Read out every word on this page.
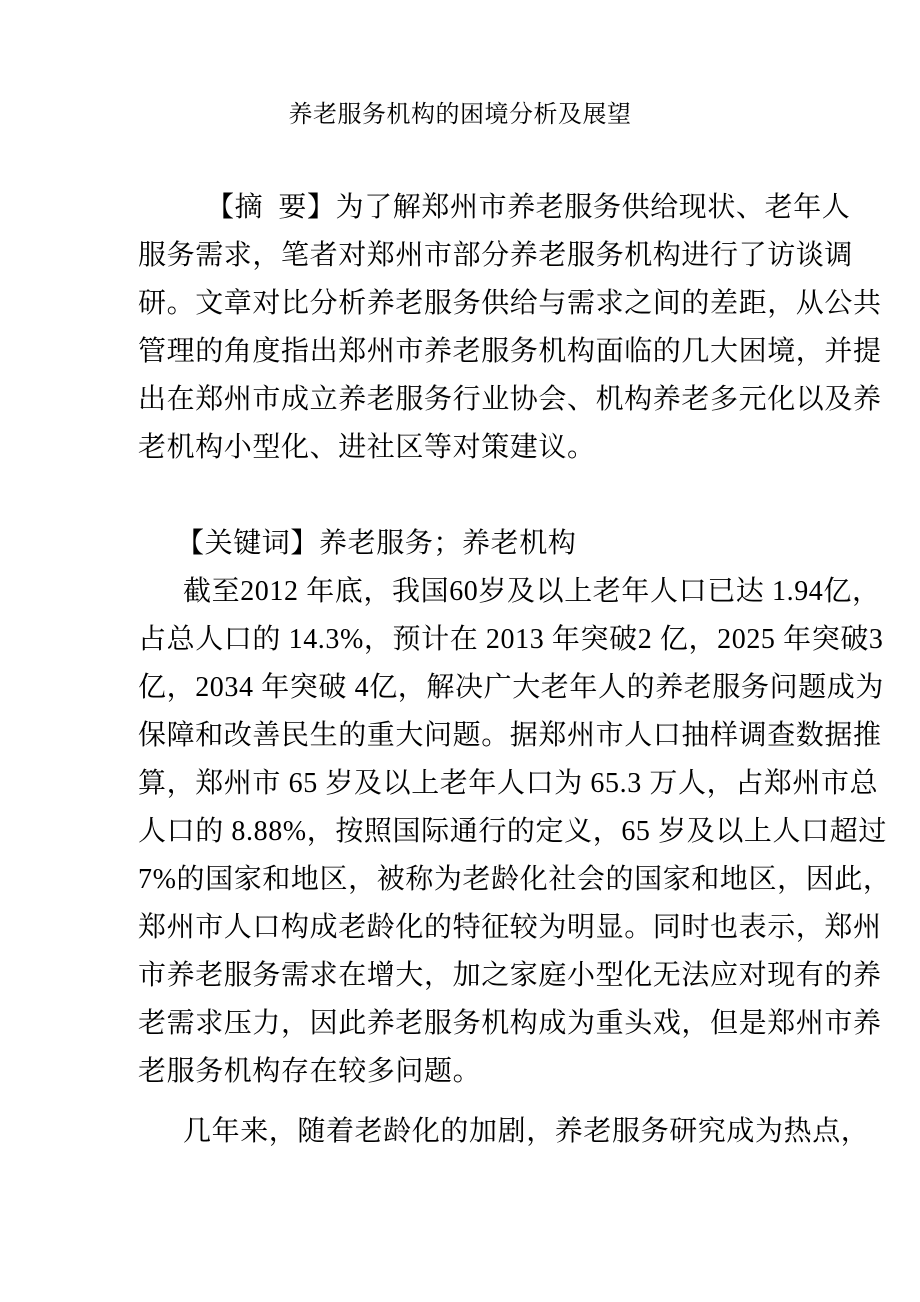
养老服务机构的困境分析及展望
【摘  要】为了解郑州市养老服务供给现状、老年人
服务需求，笔者对郑州市部分养老服务机构进行了访谈调
研。文章对比分析养老服务供给与需求之间的差距，从公共
管理的角度指出郑州市养老服务机构面临的几大困境，并提
出在郑州市成立养老服务行业协会、机构养老多元化以及养
老机构小型化、进社区等对策建议。
【关键词】养老服务；养老机构
截至2012 年底，我国60岁及以上老年人口已达 1.94亿，
占总人口的 14.3%，预计在 2013 年突破2 亿，2025 年突破3
亿，2034 年突破 4亿，解决广大老年人的养老服务问题成为
保障和改善民生的重大问题。据郑州市人口抽样调查数据推
算，郑州市 65 岁及以上老年人口为 65.3 万人，占郑州市总
人口的 8.88%，按照国际通行的定义，65 岁及以上人口超过
7%的国家和地区，被称为老龄化社会的国家和地区，因此，
郑州市人口构成老龄化的特征较为明显。同时也表示，郑州
市养老服务需求在增大，加之家庭小型化无法应对现有的养
老需求压力，因此养老服务机构成为重头戏，但是郑州市养
老服务机构存在较多问题。
几年来，随着老龄化的加剧，养老服务研究成为热点，
